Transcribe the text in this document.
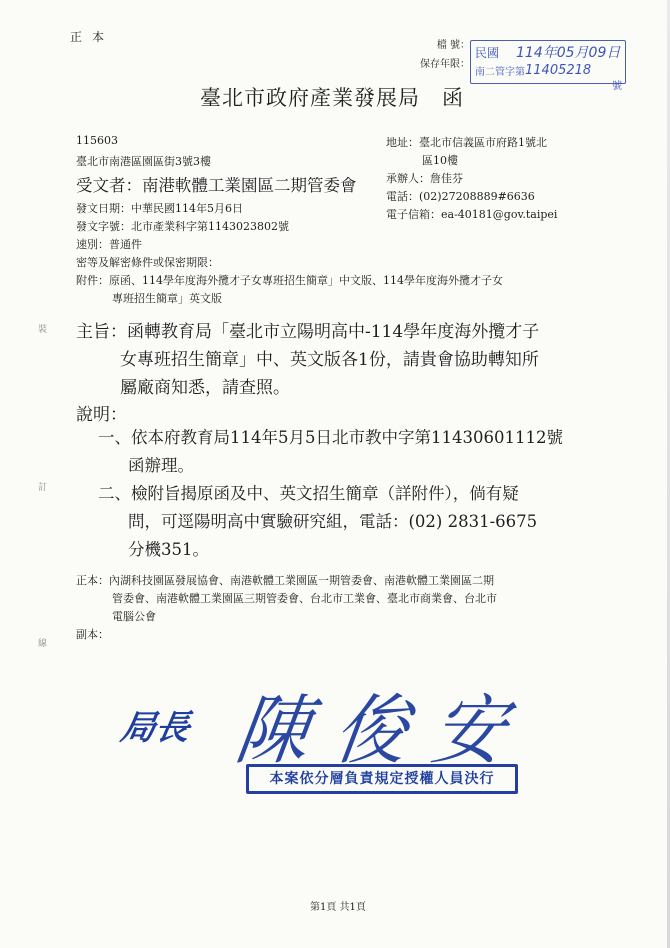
正本
檔 號：
保存年限：
民國 114年05月09日
南二管字第 11405218
號
臺北市政府產業發展局 函
115603
臺北市南港區園區街3號3樓
受文者：南港軟體工業園區二期管委會
地址：臺北市信義區市府路1號北
區10樓
承辦人：詹佳芬
電話：(02)27208889#6636
電子信箱：ea-40181@gov.taipei
發文日期：中華民國114年5月6日
發文字號：北市產業科字第1143023802號
速別：普通件
密等及解密條件或保密期限：
附件：原函、114學年度海外攬才子女專班招生簡章」中文版、114學年度海外攬才子女
專班招生簡章」英文版
主旨：函轉教育局「臺北市立陽明高中-114學年度海外攬才子
女專班招生簡章」中、英文版各1份，請貴會協助轉知所
屬廠商知悉，請查照。
說明：
一、依本府教育局114年5月5日北市教中字第11430601112號
函辦理。
二、檢附旨揭原函及中、英文招生簡章（詳附件），倘有疑
問，可逕陽明高中實驗研究組，電話：(02) 2831-6675
分機351。
正本：內湖科技園區發展協會、南港軟體工業園區一期管委會、南港軟體工業園區二期
管委會、南港軟體工業園區三期管委會、台北市工業會、臺北市商業會、台北市
電腦公會
副本：
局長 陳俊安
本案依分層負責規定授權人員決行
裝
訂
線
第1頁 共1頁
